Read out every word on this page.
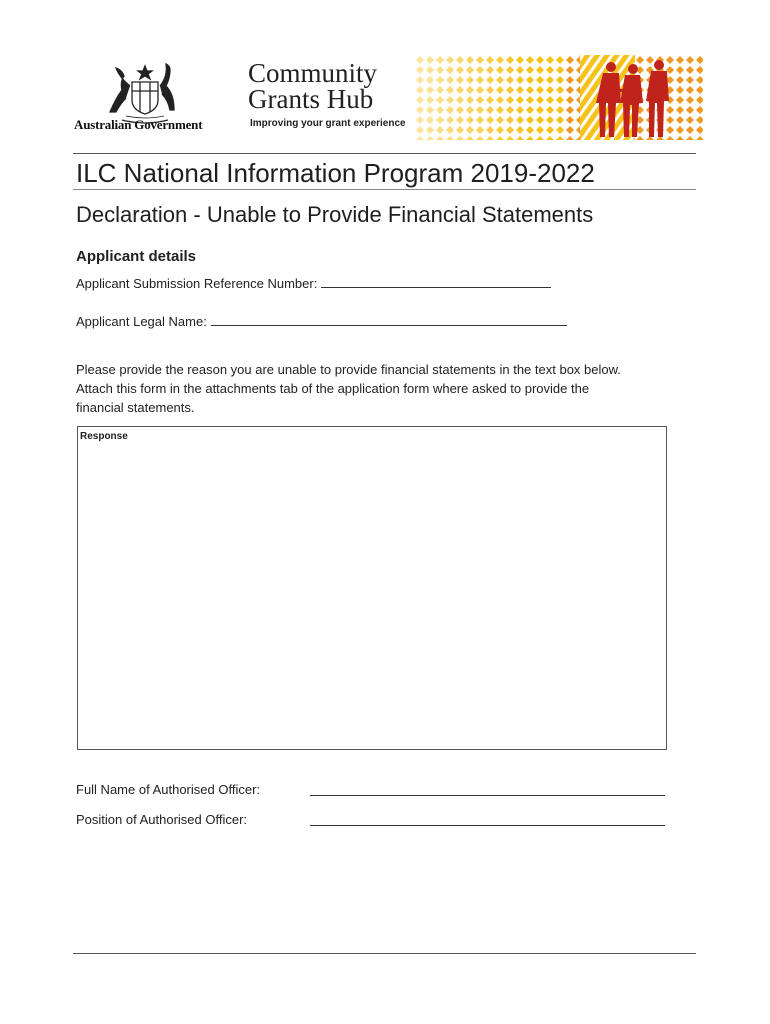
Australian Government
Community
Grants Hub
Improving your grant experience
ILC National Information Program 2019-2022
Declaration - Unable to Provide Financial Statements
Applicant details
Applicant Submission Reference Number:
Applicant Legal Name:
Please provide the reason you are unable to provide financial statements in the text box below.
Attach this form in the attachments tab of the application form where asked to provide the
financial statements.
Response
Full Name of Authorised Officer:
Position of Authorised Officer:
